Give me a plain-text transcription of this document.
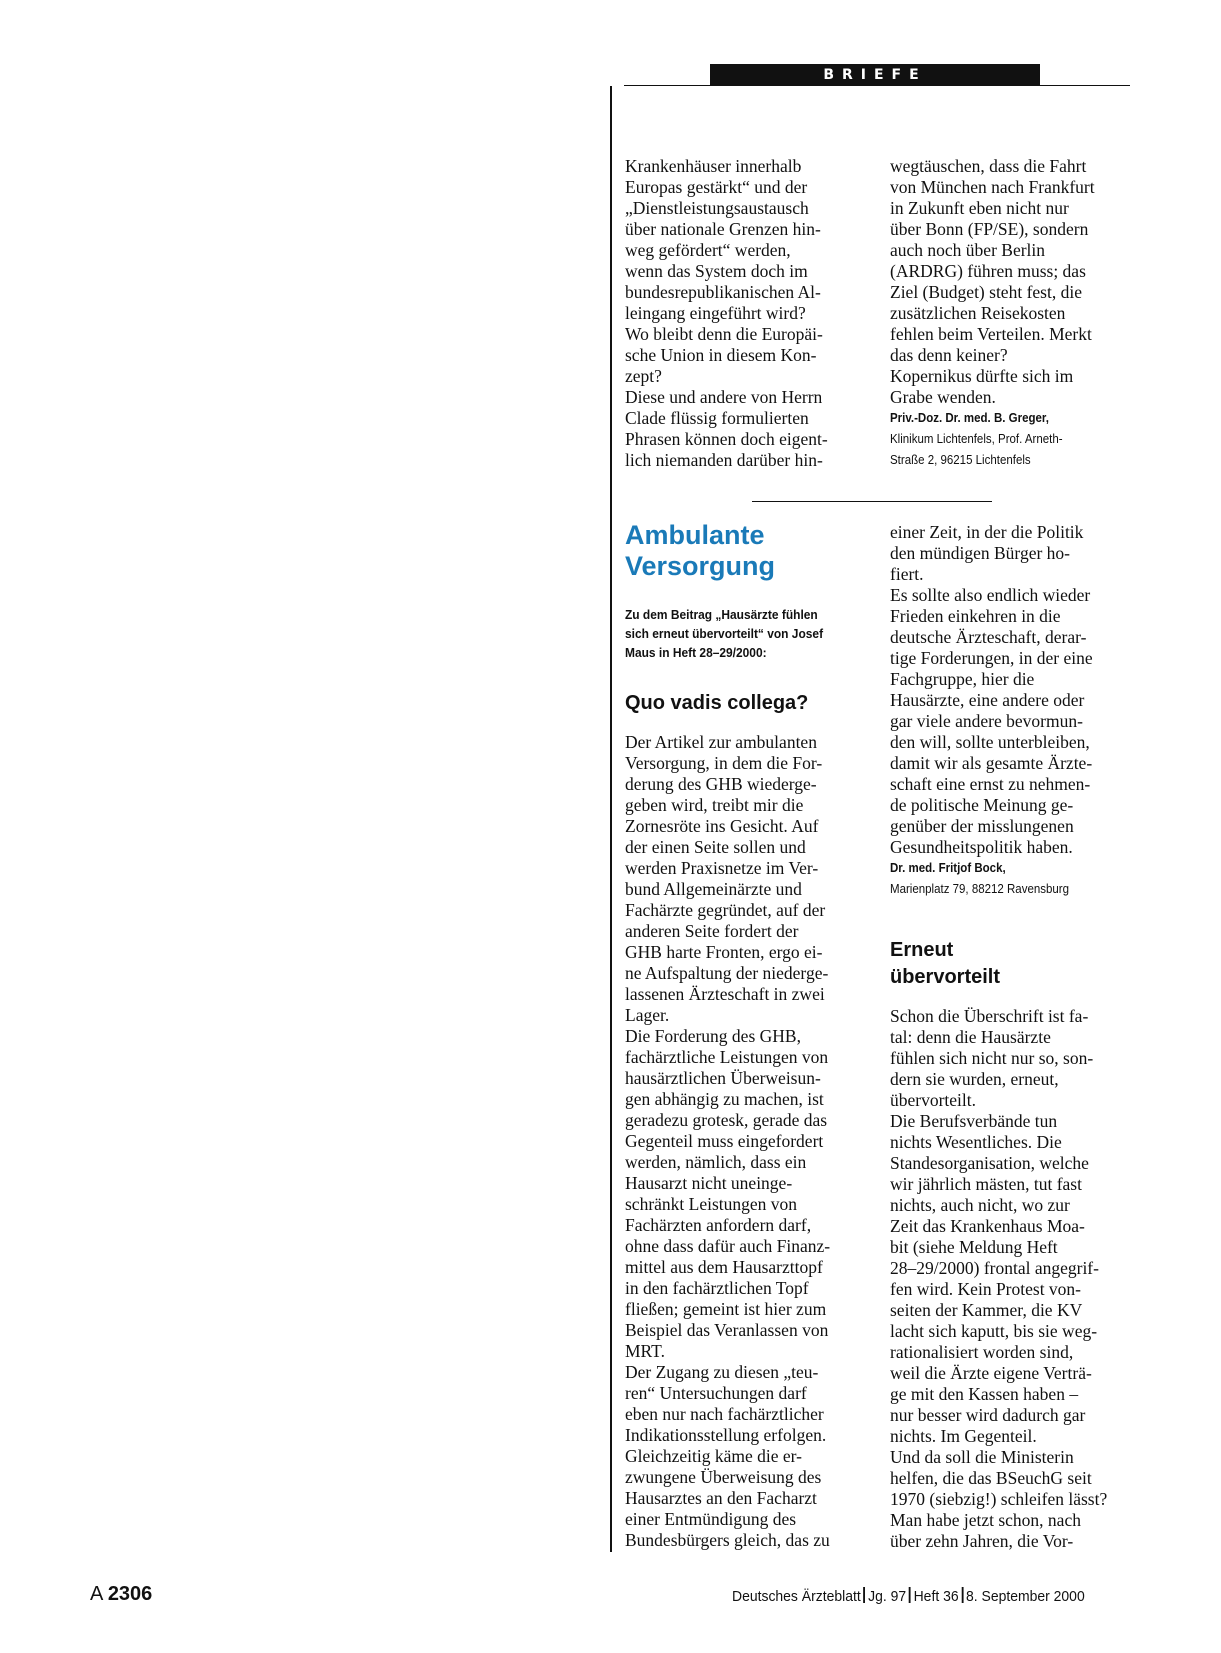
BRIEFE

Krankenhäuser innerhalb

Europas gestärkt“ und der

„Dienstleistungsaustausch

über nationale Grenzen hin-

weg gefördert“ werden,

wenn das System doch im

bundesrepublikanischen Al-

leingang eingeführt wird?

Wo bleibt denn die Europäi-

sche Union in diesem Kon-

zept?

Diese und andere von Herrn

Clade flüssig formulierten

Phrasen können doch eigent-

lich niemanden darüber hin-

wegtäuschen, dass die Fahrt

von München nach Frankfurt

in Zukunft eben nicht nur

über Bonn (FP/SE), sondern

auch noch über Berlin

(ARDRG) führen muss; das

Ziel (Budget) steht fest, die

zusätzlichen Reisekosten

fehlen beim Verteilen. Merkt

das denn keiner?

Kopernikus dürfte sich im

Grabe wenden.

Priv.-Doz. Dr. med. B. Greger,
Klinikum Lichtenfels, Prof. Arneth-
Straße 2, 96215 Lichtenfels
Ambulante
Versorgung
Zu dem Beitrag „Hausärzte fühlen
sich erneut übervorteilt“ von Josef
Maus in Heft 28–29/2000:
Quo vadis collega?

Der Artikel zur ambulanten

Versorgung, in dem die For-

derung des GHB wiederge-

geben wird, treibt mir die

Zornesröte ins Gesicht. Auf

der einen Seite sollen und

werden Praxisnetze im Ver-

bund Allgemeinärzte und

Fachärzte gegründet, auf der

anderen Seite fordert der

GHB harte Fronten, ergo ei-

ne Aufspaltung der niederge-

lassenen Ärzteschaft in zwei

Lager.

Die Forderung des GHB,

fachärztliche Leistungen von

hausärztlichen Überweisun-

gen abhängig zu machen, ist

geradezu grotesk, gerade das

Gegenteil muss eingefordert

werden, nämlich, dass ein

Hausarzt nicht uneinge-

schränkt Leistungen von

Fachärzten anfordern darf,

ohne dass dafür auch Finanz-

mittel aus dem Hausarzttopf

in den fachärztlichen Topf

fließen; gemeint ist hier zum

Beispiel das Veranlassen von

MRT.

Der Zugang zu diesen „teu-

ren“ Untersuchungen darf

eben nur nach fachärztlicher

Indikationsstellung erfolgen.

Gleichzeitig käme die er-

zwungene Überweisung des

Hausarztes an den Facharzt

einer Entmündigung des

Bundesbürgers gleich, das zu

einer Zeit, in der die Politik

den mündigen Bürger ho-

fiert.

Es sollte also endlich wieder

Frieden einkehren in die

deutsche Ärzteschaft, derar-

tige Forderungen, in der eine

Fachgruppe, hier die

Hausärzte, eine andere oder

gar viele andere bevormun-

den will, sollte unterbleiben,

damit wir als gesamte Ärzte-

schaft eine ernst zu nehmen-

de politische Meinung ge-

genüber der misslungenen

Gesundheitspolitik haben.

Dr. med. Fritjof Bock,
Marienplatz 79, 88212 Ravensburg
Erneut
übervorteilt

Schon die Überschrift ist fa-

tal: denn die Hausärzte

fühlen sich nicht nur so, son-

dern sie wurden, erneut,

übervorteilt.

Die Berufsverbände tun

nichts Wesentliches. Die

Standesorganisation, welche

wir jährlich mästen, tut fast

nichts, auch nicht, wo zur

Zeit das Krankenhaus Moa-

bit (siehe Meldung Heft

28–29/2000) frontal angegrif-

fen wird. Kein Protest von-

seiten der Kammer, die KV

lacht sich kaputt, bis sie weg-

rationalisiert worden sind,

weil die Ärzte eigene Verträ-

ge mit den Kassen haben –

nur besser wird dadurch gar

nichts. Im Gegenteil.

Und da soll die Ministerin

helfen, die das BSeuchG seit

1970 (siebzig!) schleifen lässt?

Man habe jetzt schon, nach

über zehn Jahren, die Vor-

A 2306	Deutsches Ärzteblatt Jg. 97 Heft 36 8. September 2000
